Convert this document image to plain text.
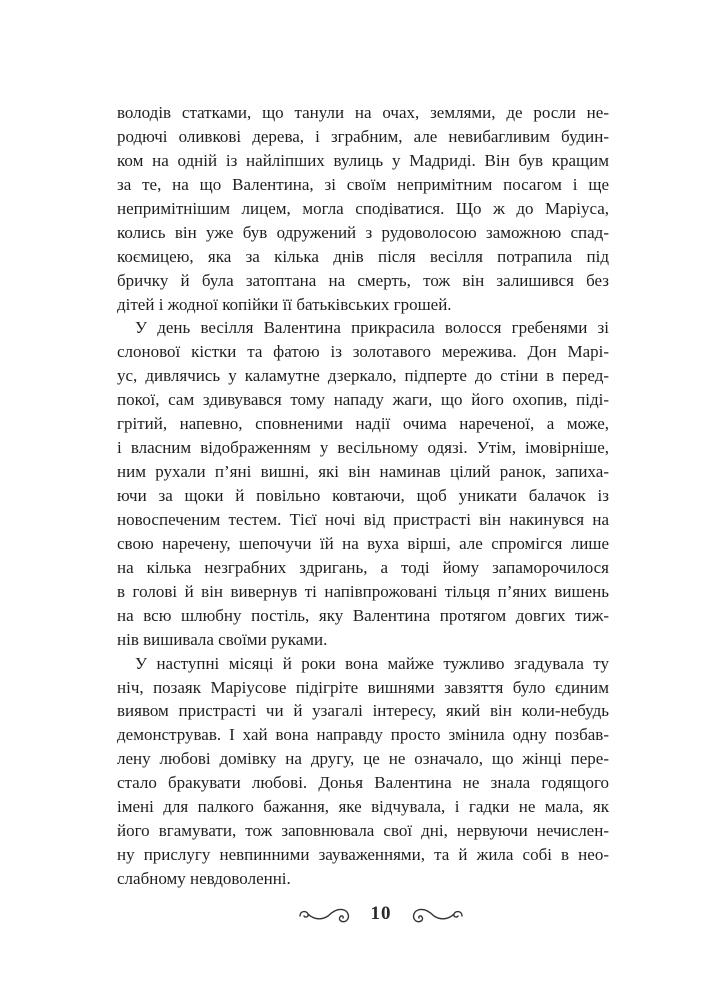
володів статками, що танули на очах, землями, де росли не-
родючі оливкові дерева, і зграбним, але невибагливим будин-
ком на одній із найліпших вулиць у Мадриді. Він був кращим
за те, на що Валентина, зі своїм непримітним посагом і ще
непримітнішим лицем, могла сподіватися. Що ж до Маріуса,
колись він уже був одружений з рудоволосою заможною спад-
коємицею, яка за кілька днів після весілля потрапила під
бричку й була затоптана на смерть, тож він залишився без
дітей і жодної копійки її батьківських грошей.
У день весілля Валентина прикрасила волосся гребенями зі
слонової кістки та фатою із золотавого мережива. Дон Марі-
ус, дивлячись у каламутне дзеркало, підперте до стіни в перед-
покої, сам здивувався тому нападу жаги, що його охопив, піді-
грітий, напевно, сповненими надії очима нареченої, а може,
і власним відображенням у весільному одязі. Утім, імовірніше,
ним рухали п’яні вишні, які він наминав цілий ранок, запиха-
ючи за щоки й повільно ковтаючи, щоб уникати балачок із
новоспеченим тестем. Тієї ночі від пристрасті він накинувся на
свою наречену, шепочучи їй на вуха вірші, але спромігся лише
на кілька незграбних здригань, а тоді йому запаморочилося
в голові й він вивернув ті напівпрожовані тільця п’яних вишень
на всю шлюбну постіль, яку Валентина протягом довгих тиж-
нів вишивала своїми руками.
У наступні місяці й роки вона майже тужливо згадувала ту
ніч, позаяк Маріусове підігріте вишнями завзяття було єдиним
виявом пристрасті чи й узагалі інтересу, який він коли-небудь
демонстрував. І хай вона направду просто змінила одну позбав-
лену любові домівку на другу, це не означало, що жінці пере-
стало бракувати любові. Донья Валентина не знала годящого
імені для палкого бажання, яке відчувала, і гадки не мала, як
його вгамувати, тож заповнювала свої дні, нервуючи нечислен-
ну прислугу невпинними зауваженнями, та й жила собі в нео-
слабному невдоволенні.
10
